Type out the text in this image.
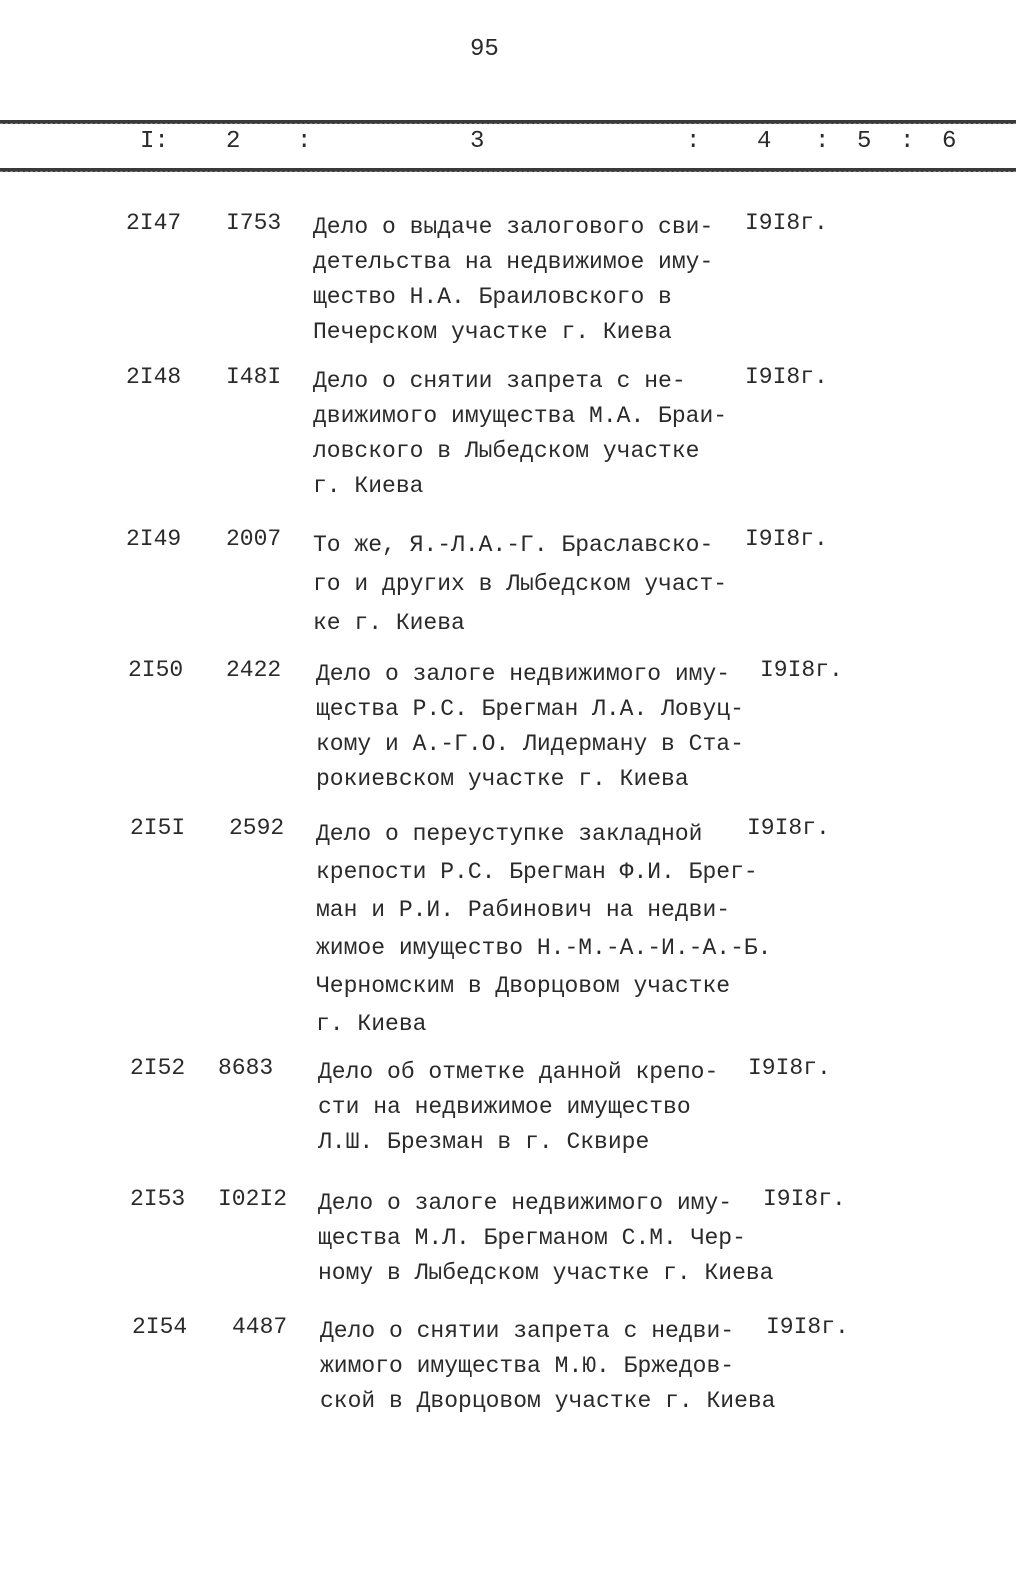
95
I: 2 :	3	: 4 : 5 : 6
2I47 I753 Дело о выдаче залогового сви-
детельства на недвижимое иму-
щество Н.А. Браиловского в
Печерском участке г. Киева
I9I8г.
2I48 I48I Дело о снятии запрета с не-
движимого имущества М.А. Браи-
ловского в Лыбедском участке
г. Киева
I9I8г.
2I49 2007 То же, Я.-Л.А.-Г. Браславско-
го и других в Лыбедском участ-
ке г. Киева
I9I8г.
2I50 2422 Дело о залоге недвижимого иму-
щества Р.С. Брегман Л.А. Ловуц-
кому и А.-Г.О. Лидерману в Ста-
рокиевском участке г. Киева
I9I8г.
2I5I 2592 Дело о переуступке закладной
крепости Р.С. Брегман Ф.И. Брег-
ман и Р.И. Рабинович на недви-
жимое имущество Н.-М.-А.-И.-А.-Б.
Черномским в Дворцовом участке
г. Киева
I9I8г.
2I52 8683 Дело об отметке данной крепо-
сти на недвижимое имущество
Л.Ш. Брезман в г. Сквире
I9I8г.
2I53 I02I2 Дело о залоге недвижимого иму-
щества М.Л. Брегманом С.М. Чер-
ному в Лыбедском участке г. Киева
I9I8г.
2I54 4487 Дело о снятии запрета с недви-
жимого имущества М.Ю. Бржедов-
ской в Дворцовом участке г. Киева
I9I8г.
